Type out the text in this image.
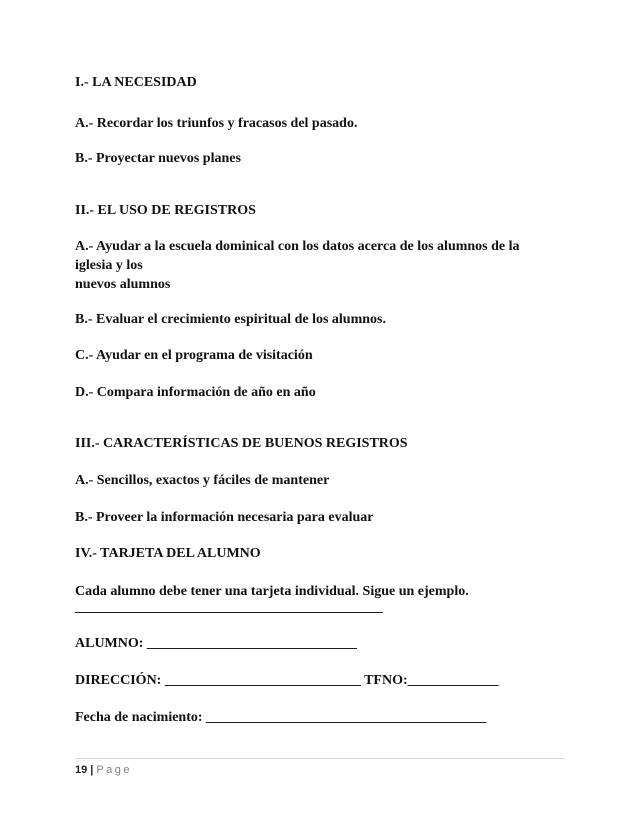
I.- LA NECESIDAD
A.- Recordar los triunfos y fracasos del pasado.
B.- Proyectar nuevos planes
II.- EL USO DE REGISTROS
A.- Ayudar a la escuela dominical con los datos acerca de los alumnos de la
iglesia y los
nuevos alumnos
B.- Evaluar el crecimiento espiritual de los alumnos.
C.- Ayudar en el programa de visitación
D.- Compara información de año en año
III.- CARACTERÍSTICAS DE BUENOS REGISTROS
A.- Sencillos, exactos y fáciles de mantener
B.- Proveer la información necesaria para evaluar
IV.- TARJETA DEL ALUMNO
Cada alumno debe tener una tarjeta individual. Sigue un ejemplo.
____________________________________________
ALUMNO: ______________________________
DIRECCIÓN: ____________________________ TFNO:_____________
Fecha de nacimiento: ________________________________________
19 | Page
